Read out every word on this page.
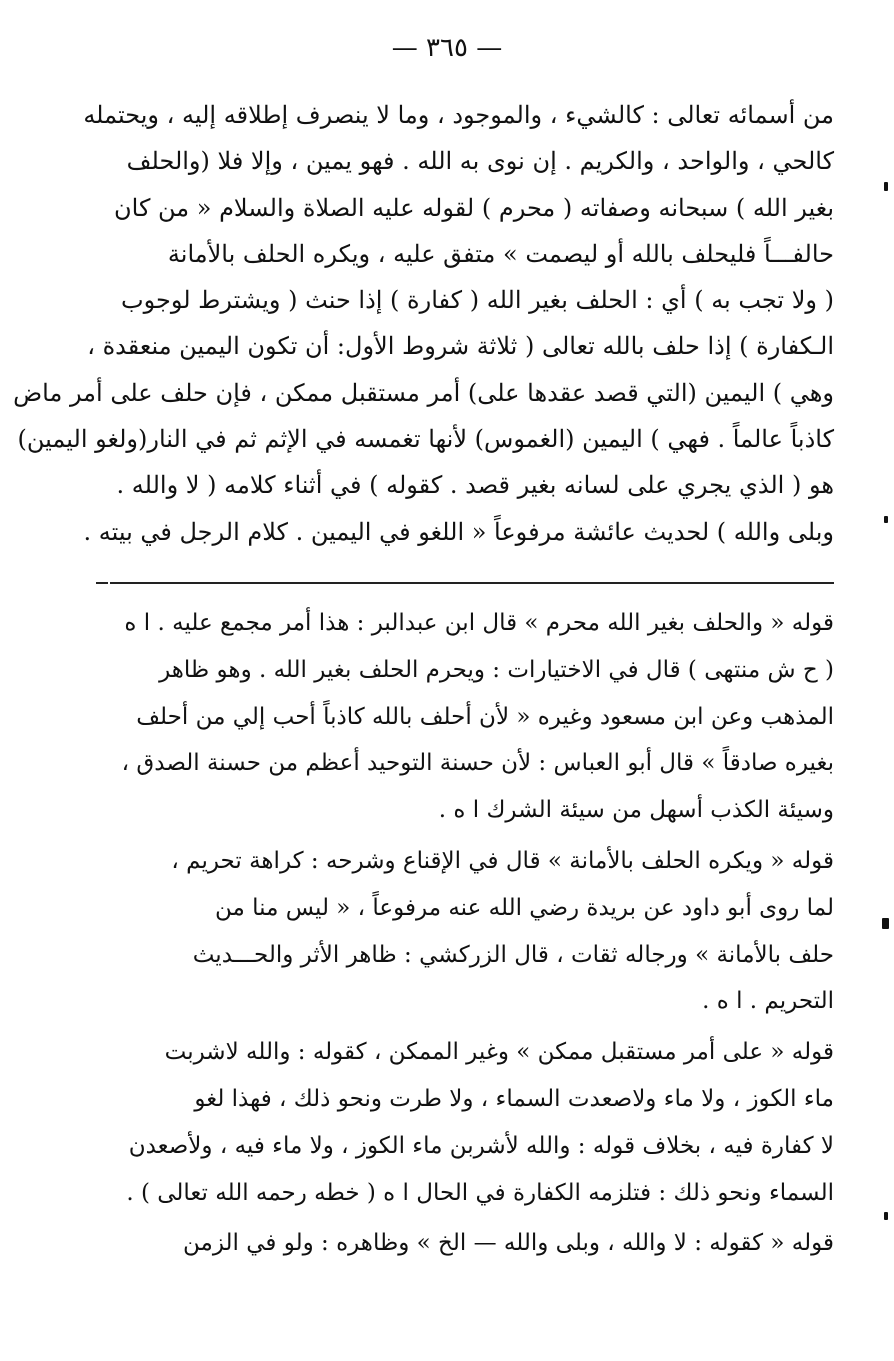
— ٣٦٥ —
من أسمائه تعالى : كالشيء ، والموجود ، وما لا ينصرف إطلاقه إليه ، ويحتمله
كالحي ، والواحد ، والكريم . إن نوى به الله . فهو يمين ، وإلا فلا (والحلف
بغير الله ) سبحانه وصفاته ( محرم ) لقوله عليه الصلاة والسلام « من كان
حالفـــاً فليحلف بالله أو ليصمت » متفق عليه ، ويكره الحلف بالأمانة
( ولا تجب به ) أي : الحلف بغير الله ( كفارة ) إذا حنث ( ويشترط لوجوب
الـكفارة ) إذا حلف بالله تعالى ( ثلاثة شروط الأول: أن تكون اليمين منعقدة ،
وهي ) اليمين (التي قصد عقدها على) أمر مستقبل ممكن ، فإن حلف على أمر ماض
كاذباً عالماً . فهي ) اليمين (الغموس) لأنها تغمسه في الإثم ثم في النار(ولغو اليمين)
هو ( الذي يجري على لسانه بغير قصد . كقوله ) في أثناء كلامه ( لا والله .
وبلى والله ) لحديث عائشة مرفوعاً « اللغو في اليمين . كلام الرجل في بيته .
قوله « والحلف بغير الله محرم » قال ابن عبدالبر : هذا أمر مجمع عليه . ا ه
( ح ش منتهى ) قال في الاختيارات : ويحرم الحلف بغير الله . وهو ظاهر
المذهب وعن ابن مسعود وغيره « لأن أحلف بالله كاذباً أحب إلي من أحلف
بغيره صادقاً » قال أبو العباس : لأن حسنة التوحيد أعظم من حسنة الصدق ،
وسيئة الكذب أسهل من سيئة الشرك ا ه .
قوله « ويكره الحلف بالأمانة » قال في الإقناع وشرحه : كراهة تحريم ،
لما روى أبو داود عن بريدة رضي الله عنه مرفوعاً ، « ليس منا من
حلف بالأمانة » ورجاله ثقات ، قال الزركشي : ظاهر الأثر والحـــديث
التحريم . ا ه .
قوله « على أمر مستقبل ممكن » وغير الممكن ، كقوله : والله لاشربت
ماء الكوز ، ولا ماء ولاصعدت السماء ، ولا طرت ونحو ذلك ، فهذا لغو
لا كفارة فيه ، بخلاف قوله : والله لأشربن ماء الكوز ، ولا ماء فيه ، ولأصعدن
السماء ونحو ذلك : فتلزمه الكفارة في الحال ا ه ( خطه رحمه الله تعالى ) .
قوله « كقوله : لا والله ، وبلى والله — الخ » وظاهره : ولو في الزمن
